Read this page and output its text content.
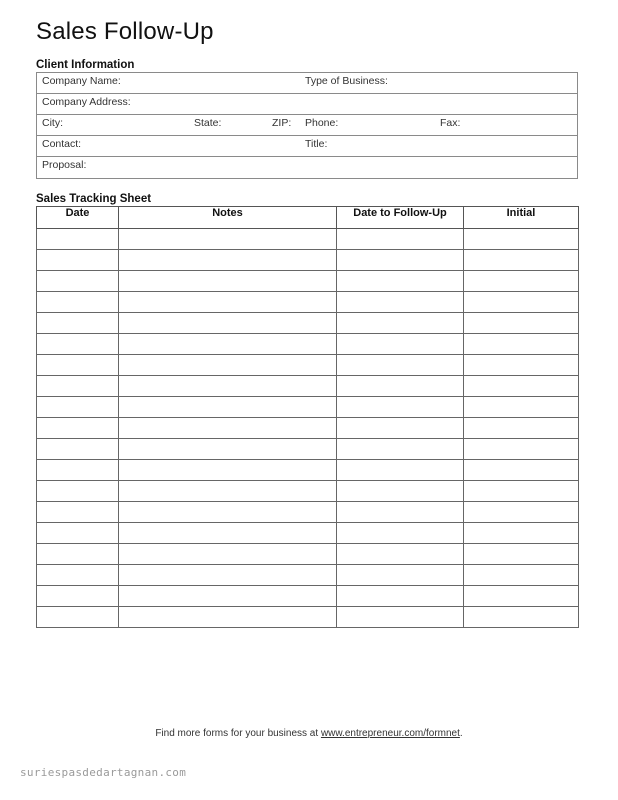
Sales Follow-Up
Client Information
Company Name:	Type of Business:
Company Address:
City:	State:	ZIP: Phone:	Fax:
Contact:	Title:
Proposal:
Sales Tracking Sheet
Date	Notes	Date to Follow-Up	Initial

Find more forms for your business at www.entrepreneur.com/formnet.
suriespasdedartagnan.com
